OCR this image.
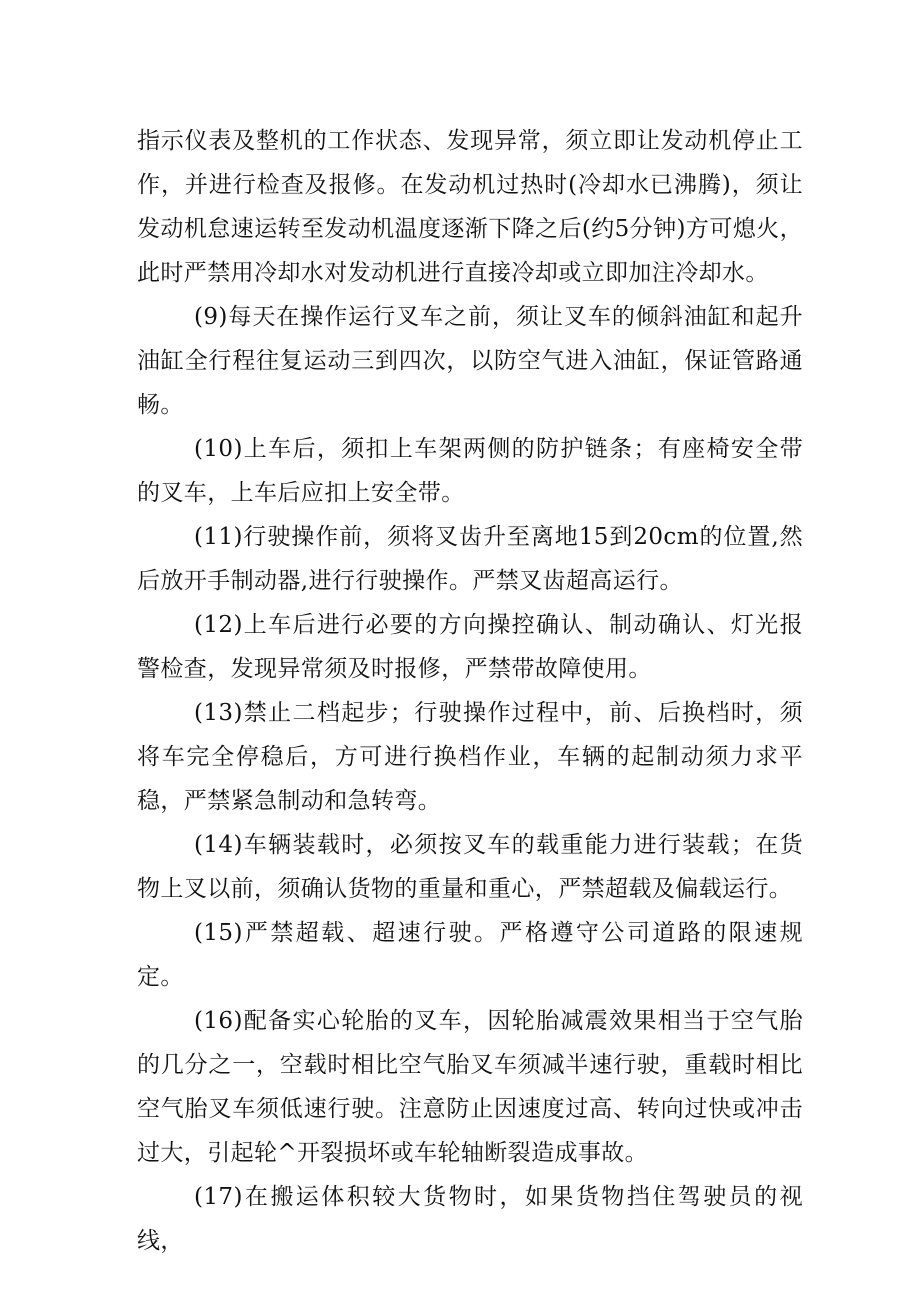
指示仪表及整机的工作状态、发现异常，须立即让发动机停止工作，并进行检查及报修。在发动机过热时(冷却水已沸腾)，须让发动机怠速运转至发动机温度逐渐下降之后(约5分钟)方可熄火，此时严禁用冷却水对发动机进行直接冷却或立即加注冷却水。

(9)每天在操作运行叉车之前，须让叉车的倾斜油缸和起升油缸全行程往复运动三到四次，以防空气进入油缸，保证管路通畅。

(10)上车后，须扣上车架两侧的防护链条；有座椅安全带的叉车，上车后应扣上安全带。

(11)行驶操作前，须将叉齿升至离地15到20cm的位置,然后放开手制动器,进行行驶操作。严禁叉齿超高运行。

(12)上车后进行必要的方向操控确认、制动确认、灯光报警检查，发现异常须及时报修，严禁带故障使用。

(13)禁止二档起步；行驶操作过程中，前、后换档时，须将车完全停稳后，方可进行换档作业，车辆的起制动须力求平稳，严禁紧急制动和急转弯。

(14)车辆装载时，必须按叉车的载重能力进行装载；在货物上叉以前，须确认货物的重量和重心，严禁超载及偏载运行。

(15)严禁超载、超速行驶。严格遵守公司道路的限速规定。

(16)配备实心轮胎的叉车，因轮胎减震效果相当于空气胎的几分之一，空载时相比空气胎叉车须减半速行驶，重载时相比空气胎叉车须低速行驶。注意防止因速度过高、转向过快或冲击过大，引起轮^开裂损坏或车轮轴断裂造成事故。

(17)在搬运体积较大货物时，如果货物挡住驾驶员的视线，
